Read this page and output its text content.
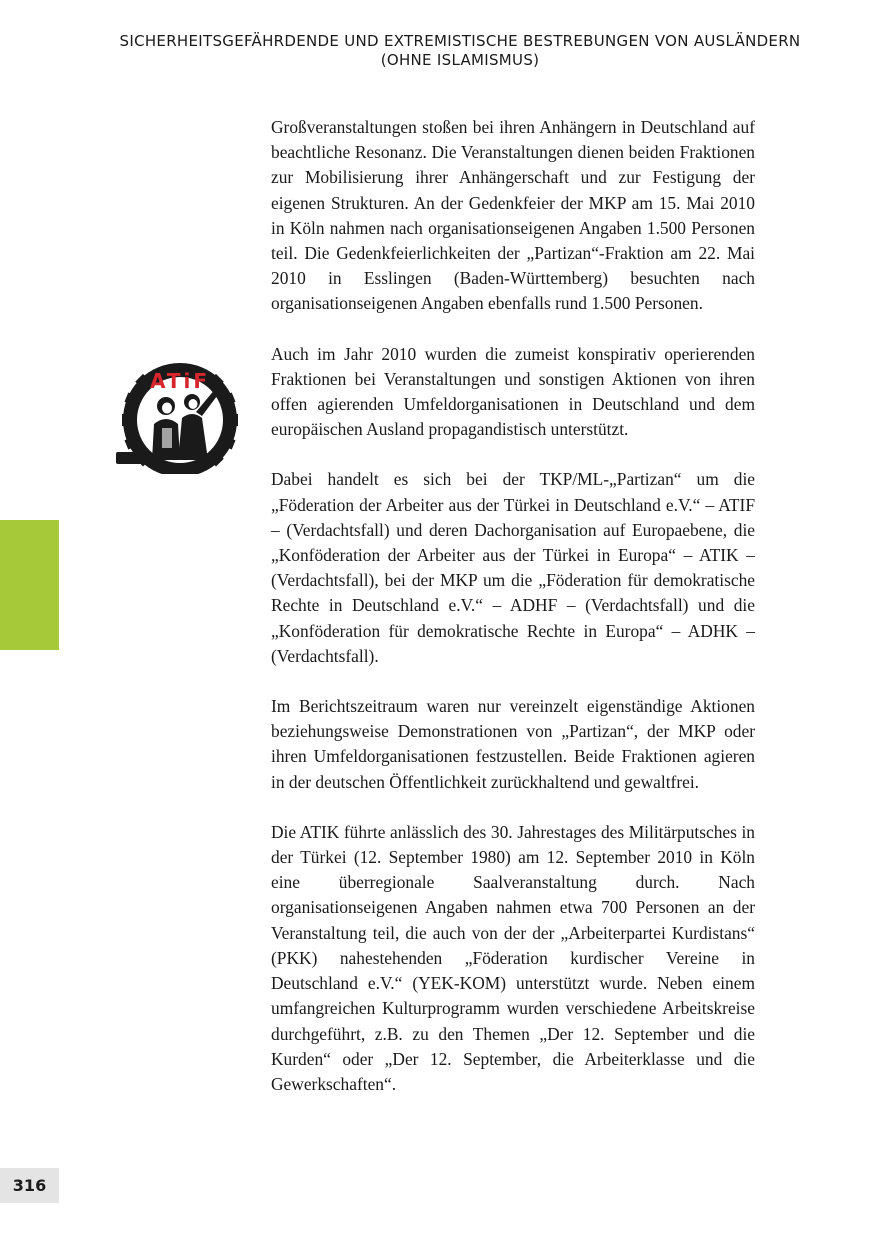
SICHERHEITSGEFÄHRDENDE UND EXTREMISTISCHE BESTREBUNGEN VON AUSLÄNDERN
(OHNE ISLAMISMUS)
ATiF

Großveranstaltungen stoßen bei ihren Anhängern in Deutschland auf beachtliche Resonanz. Die Veranstaltungen dienen beiden Fraktionen zur Mobilisierung ihrer Anhängerschaft und zur Festigung der eigenen Strukturen. An der Gedenkfeier der MKP am 15. Mai 2010 in Köln nahmen nach organisationseigenen Angaben 1.500 Personen teil. Die Gedenkfeierlichkeiten der „Partizan“-Fraktion am 22. Mai 2010 in Esslingen (Baden-Württemberg) besuchten nach organisationseigenen Angaben ebenfalls rund 1.500 Personen.

Auch im Jahr 2010 wurden die zumeist konspirativ operierenden Fraktionen bei Veranstaltungen und sonstigen Aktionen von ihren offen agierenden Umfeldorganisationen in Deutschland und dem europäischen Ausland propagandistisch unterstützt.

Dabei handelt es sich bei der TKP/ML-„Partizan“ um die „Föderation der Arbeiter aus der Türkei in Deutschland e.V.“ – ATIF – (Verdachtsfall) und deren Dachorganisation auf Europaebene, die „Konföderation der Arbeiter aus der Türkei in Europa“ – ATIK – (Verdachtsfall), bei der MKP um die „Föderation für demokratische Rechte in Deutschland e.V.“ – ADHF – (Verdachtsfall) und die „Konföderation für demokratische Rechte in Europa“ – ADHK – (Verdachtsfall).

Im Berichtszeitraum waren nur vereinzelt eigenständige Aktionen beziehungsweise Demonstrationen von „Partizan“, der MKP oder ihren Umfeldorganisationen festzustellen. Beide Fraktionen agieren in der deutschen Öffentlichkeit zurückhaltend und gewaltfrei.

Die ATIK führte anlässlich des 30. Jahrestages des Militärputsches in der Türkei (12. September 1980) am 12. September 2010 in Köln eine überregionale Saalveranstaltung durch. Nach organisationseigenen Angaben nahmen etwa 700 Personen an der Veranstaltung teil, die auch von der der „Arbeiterpartei Kurdistans“ (PKK) nahestehenden „Föderation kurdischer Vereine in Deutschland e.V.“ (YEK-KOM) unterstützt wurde. Neben einem umfangreichen Kulturprogramm wurden verschiedene Arbeitskreise durchgeführt, z.B. zu den Themen „Der 12. September und die Kurden“ oder „Der 12. September, die Arbeiterklasse und die Gewerkschaften“.

316
